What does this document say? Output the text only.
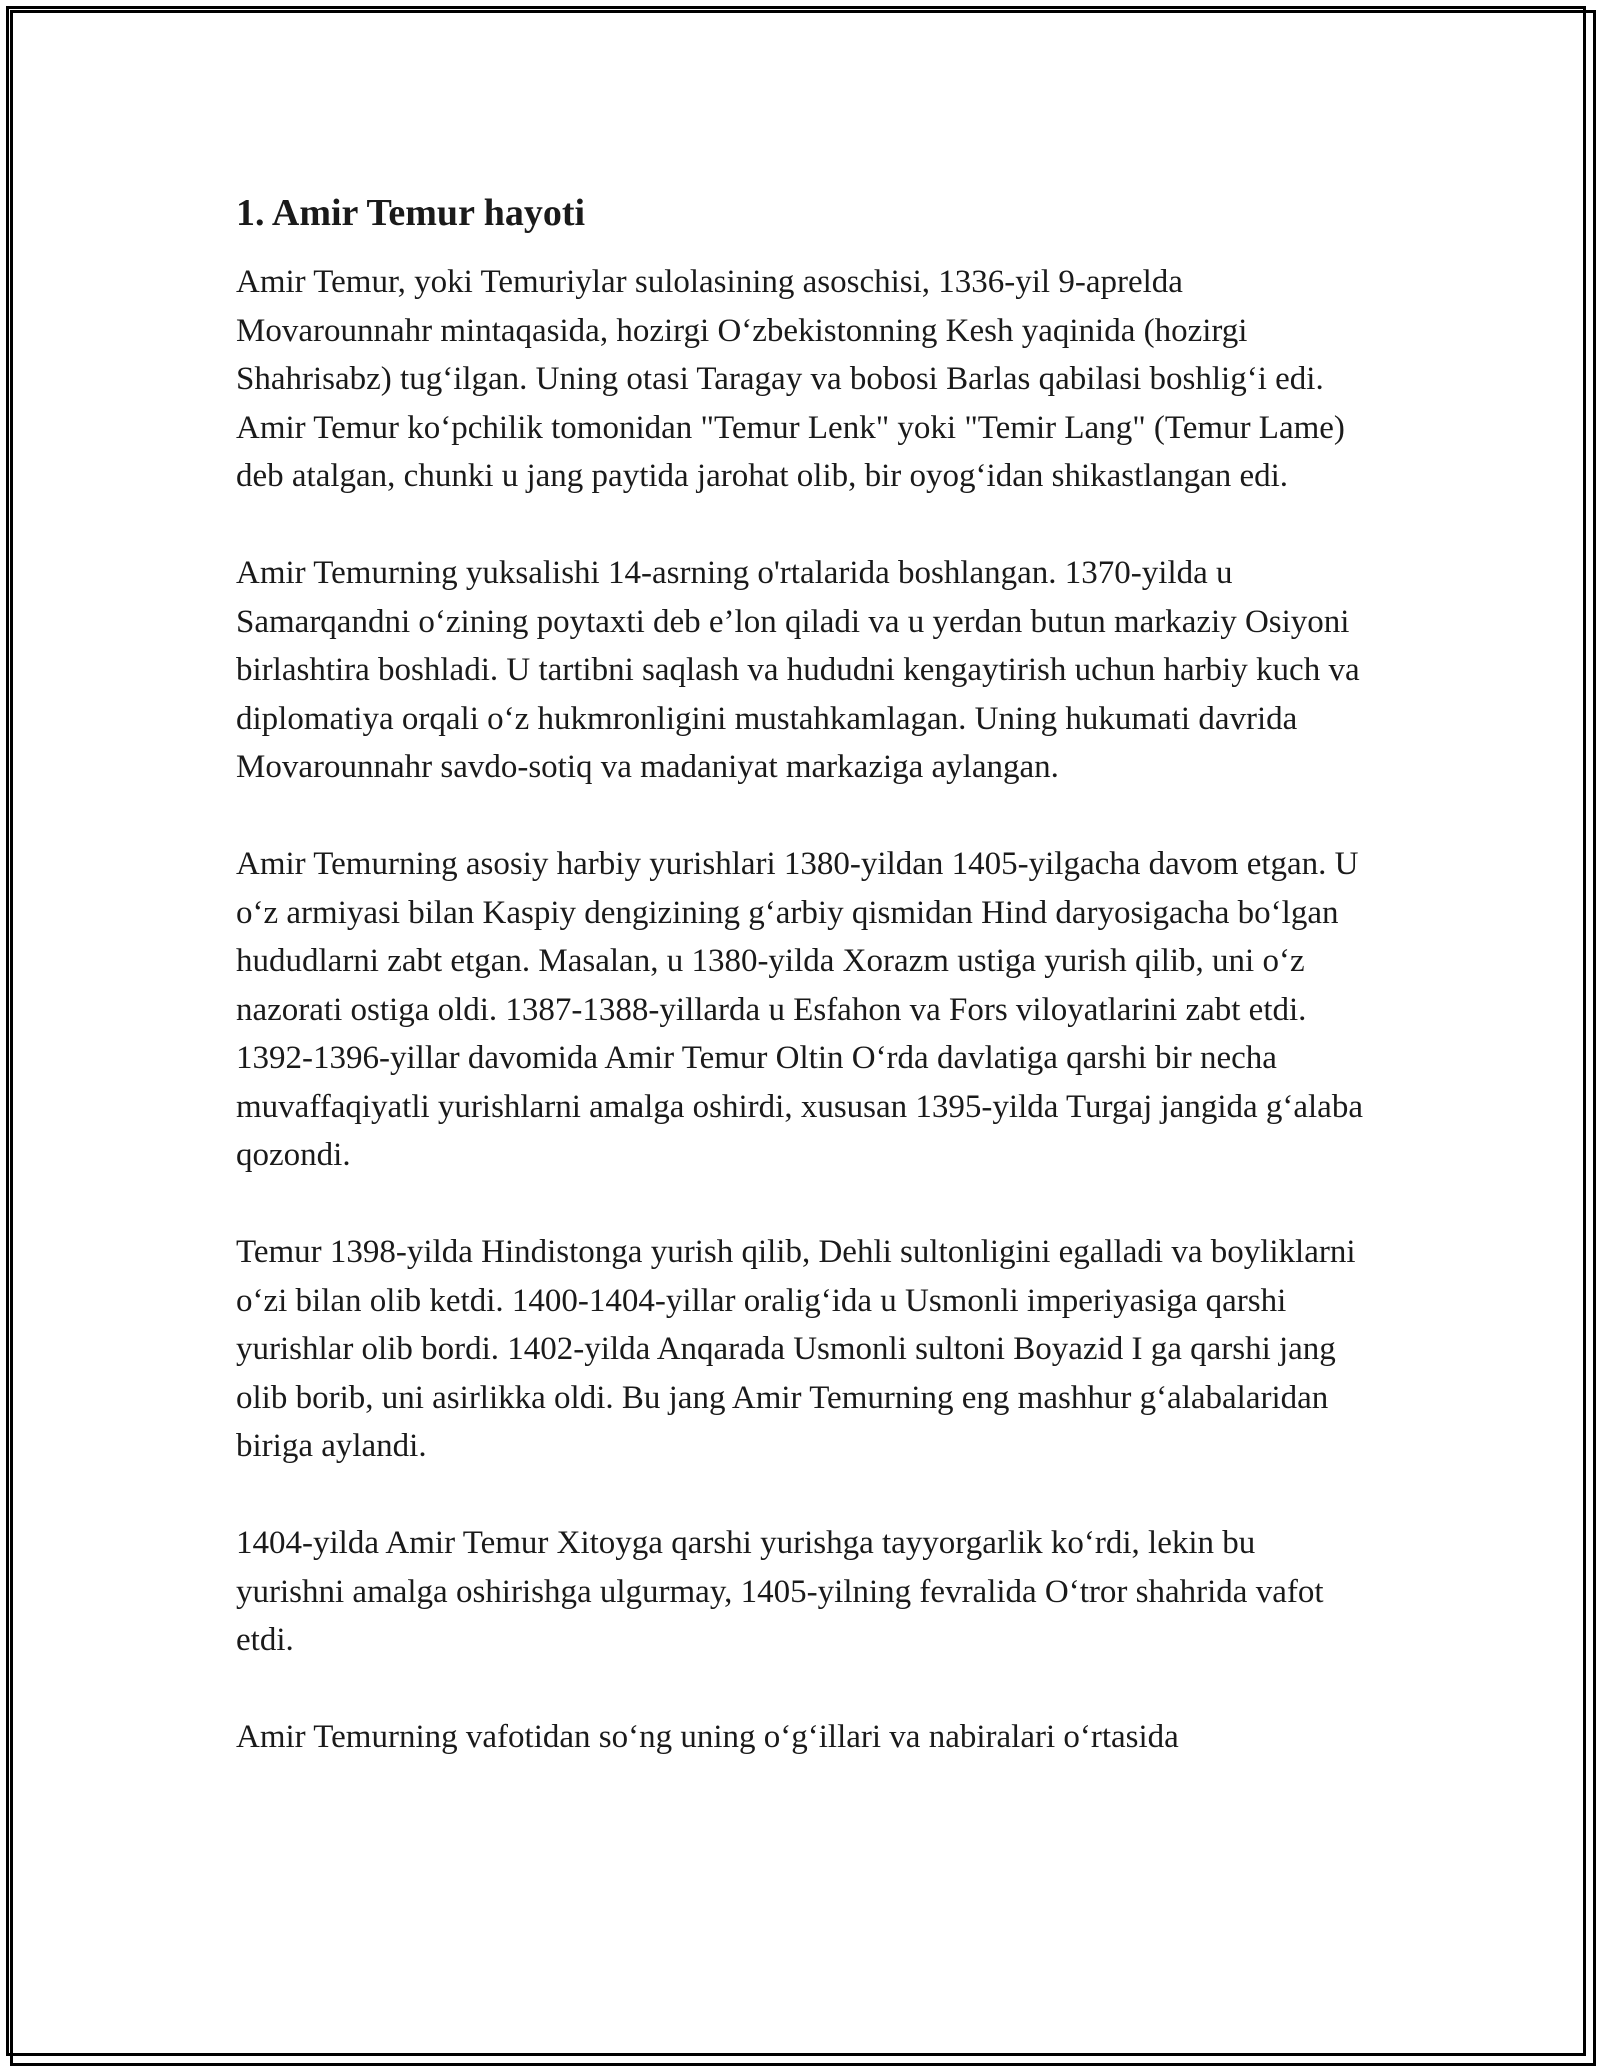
1. Amir Temur hayoti

Amir Temur, yoki Temuriylar sulolasining asoschisi, 1336-yil 9-aprelda Movarounnahr mintaqasida, hozirgi O‘zbekistonning Kesh yaqinida (hozirgi Shahrisabz) tug‘ilgan. Uning otasi Taragay va bobosi Barlas qabilasi boshlig‘i edi. Amir Temur ko‘pchilik tomonidan "Temur Lenk" yoki "Temir Lang" (Temur Lame) deb atalgan, chunki u jang paytida jarohat olib, bir oyog‘idan shikastlangan edi.

Amir Temurning yuksalishi 14-asrning o'rtalarida boshlangan. 1370-yilda u Samarqandni o‘zining poytaxti deb e’lon qiladi va u yerdan butun markaziy Osiyoni birlashtira boshladi. U tartibni saqlash va hududni kengaytirish uchun harbiy kuch va diplomatiya orqali o‘z hukmronligini mustahkamlagan. Uning hukumati davrida Movarounnahr savdo-sotiq va madaniyat markaziga aylangan.

Amir Temurning asosiy harbiy yurishlari 1380-yildan 1405-yilgacha davom etgan. U o‘z armiyasi bilan Kaspiy dengizining g‘arbiy qismidan Hind daryosigacha bo‘lgan hududlarni zabt etgan. Masalan, u 1380-yilda Xorazm ustiga yurish qilib, uni o‘z nazorati ostiga oldi. 1387-1388-yillarda u Esfahon va Fors viloyatlarini zabt etdi. 1392-1396-yillar davomida Amir Temur Oltin O‘rda davlatiga qarshi bir necha muvaffaqiyatli yurishlarni amalga oshirdi, xususan 1395-yilda Turgaj jangida g‘alaba qozondi.

Temur 1398-yilda Hindistonga yurish qilib, Dehli sultonligini egalladi va boyliklarni o‘zi bilan olib ketdi. 1400-1404-yillar oralig‘ida u Usmonli imperiyasiga qarshi yurishlar olib bordi. 1402-yilda Anqarada Usmonli sultoni Boyazid I ga qarshi jang olib borib, uni asirlikka oldi. Bu jang Amir Temurning eng mashhur g‘alabalaridan biriga aylandi.

1404-yilda Amir Temur Xitoyga qarshi yurishga tayyorgarlik ko‘rdi, lekin bu yurishni amalga oshirishga ulgurmay, 1405-yilning fevralida O‘tror shahrida vafot etdi.

Amir Temurning vafotidan so‘ng uning o‘g‘illari va nabiralari o‘rtasida
